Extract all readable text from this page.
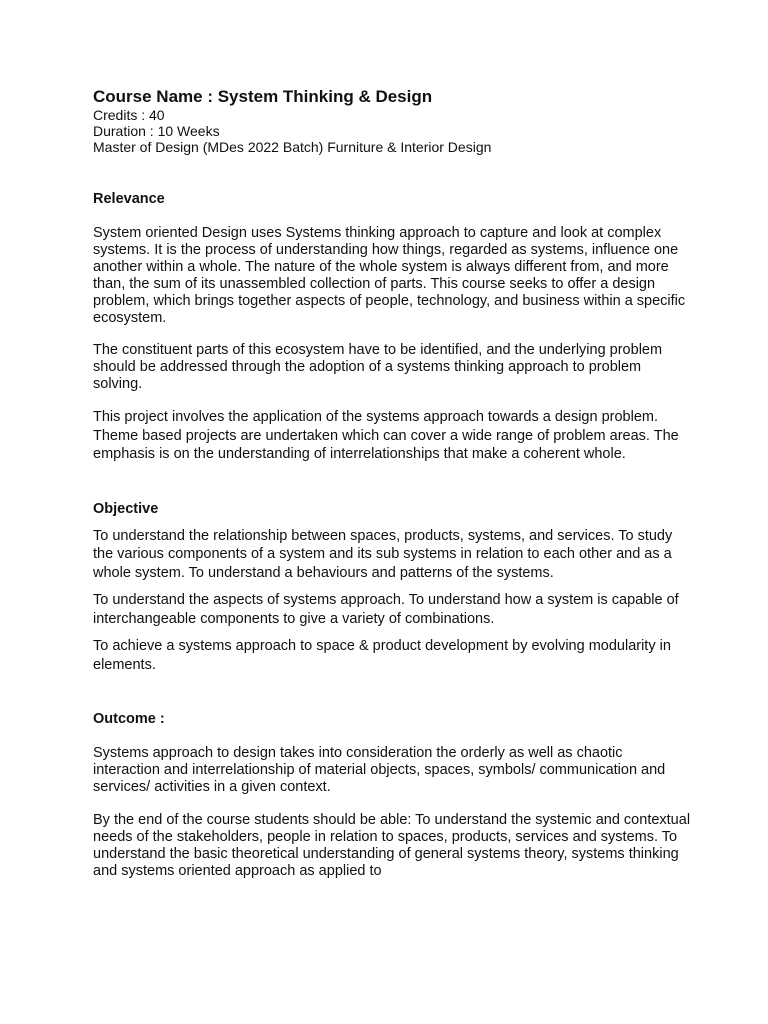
Course Name : System Thinking & Design

Credits : 40

Duration : 10 Weeks

Master of Design (MDes 2022 Batch) Furniture & Interior Design

Relevance

System oriented Design uses Systems thinking approach to capture and look at complex systems. It is the process of understanding how things, regarded as systems, influence one another within a whole. The nature of the whole system is always different from, and more than, the sum of its unassembled collection of parts. This course seeks to offer a design problem, which brings together aspects of people, technology, and business within a specific ecosystem.

The constituent parts of this ecosystem have to be identified, and the underlying problem should be addressed through the adoption of a systems thinking approach to problem solving.

This project involves the application of the systems approach towards a design problem. Theme based projects are undertaken which can cover a wide range of problem areas. The emphasis is on the understanding of interrelationships that make a coherent whole.

Objective

To understand the relationship between spaces, products, systems, and services. To study the various components of a system and its sub systems in relation to each other and as a whole system. To understand a behaviours and patterns of the systems.

To understand the aspects of systems approach. To understand how a system is capable of interchangeable components to give a variety of combinations.

To achieve a systems approach to space & product development by evolving modularity in elements.

Outcome :

Systems approach to design takes into consideration the orderly as well as chaotic interaction and interrelationship of material objects, spaces, symbols/ communication and services/ activities in a given context.

By the end of the course students should be able: To understand the systemic and contextual needs of the stakeholders, people in relation to spaces, products, services and systems. To understand the basic theoretical understanding of general systems theory, systems thinking and systems oriented approach as applied to
